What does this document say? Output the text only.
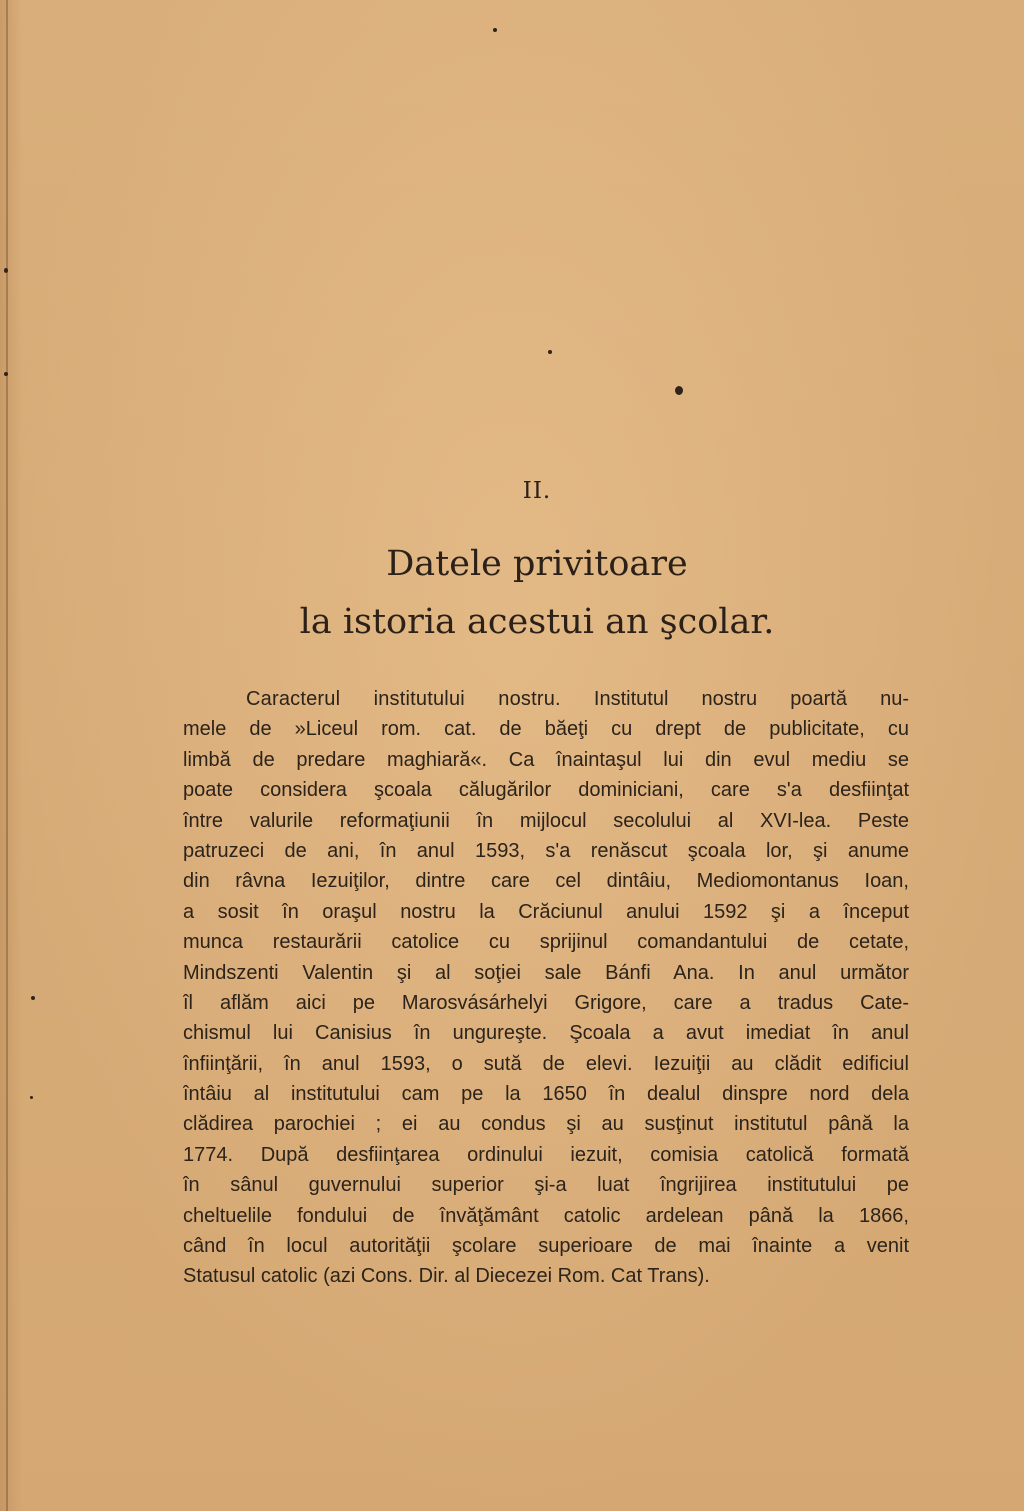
II.
Datele privitoare
la istoria acestui an şcolar.
Caracterul institutului nostru. Institutul nostru poartă nu-
mele de »Liceul rom. cat. de băeţi cu drept de publicitate, cu
limbă de predare maghiară«. Ca înaintaşul lui din evul mediu se
poate considera şcoala călugărilor dominiciani, care s'a desfiinţat
între valurile reformaţiunii în mijlocul secolului al XVI-lea. Peste
patruzeci de ani, în anul 1593, s'a renăscut şcoala lor, şi anume
din râvna Iezuiţilor, dintre care cel dintâiu, Mediomontanus Ioan,
a sosit în oraşul nostru la Crăciunul anului 1592 şi a început
munca restaurării catolice cu sprijinul comandantului de cetate,
Mindszenti Valentin şi al soţiei sale Bánfi Ana. In anul următor
îl aflăm aici pe Marosvásárhelyi Grigore, care a tradus Cate-
chismul lui Canisius în ungureşte. Şcoala a avut imediat în anul
înfiinţării, în anul 1593, o sută de elevi. Iezuiţii au clădit edificiul
întâiu al institutului cam pe la 1650 în dealul dinspre nord dela
clădirea parochiei ; ei au condus şi au susţinut institutul până la
1774. După desfiinţarea ordinului iezuit, comisia catolică formată
în sânul guvernului superior şi-a luat îngrijirea institutului pe
cheltuelile fondului de învăţământ catolic ardelean până la 1866,
când în locul autorităţii şcolare superioare de mai înainte a venit
Statusul catolic (azi Cons. Dir. al Diecezei Rom. Cat Trans).
